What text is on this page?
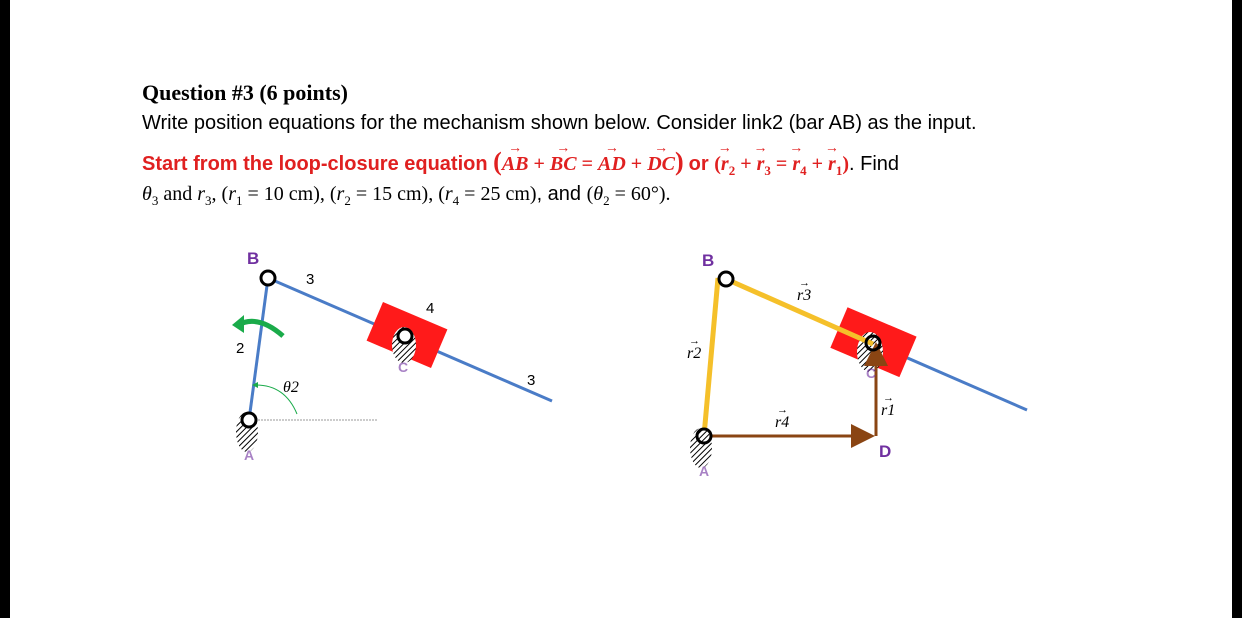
Question #3 (6 points)
Write position equations for the mechanism shown below. Consider link2 (bar AB) as the input.
Start from the loop-closure equation (→ AB + → BC = → AD + → DC) or (→ $r_2$ + → $r_3$ = → $r_4$ + → $r_1$). Find
$\theta_3$ and $r_3$, ($r_1 = 10$ cm), ($r_2 = 15$ cm), ($r_4 = 25$ cm), and $(\theta_2 = 60^\circ)$.
B
3
2
4
3
θ2
C
A
B
D
C
A
r3
→
r2
→
r4
→	r1
→
